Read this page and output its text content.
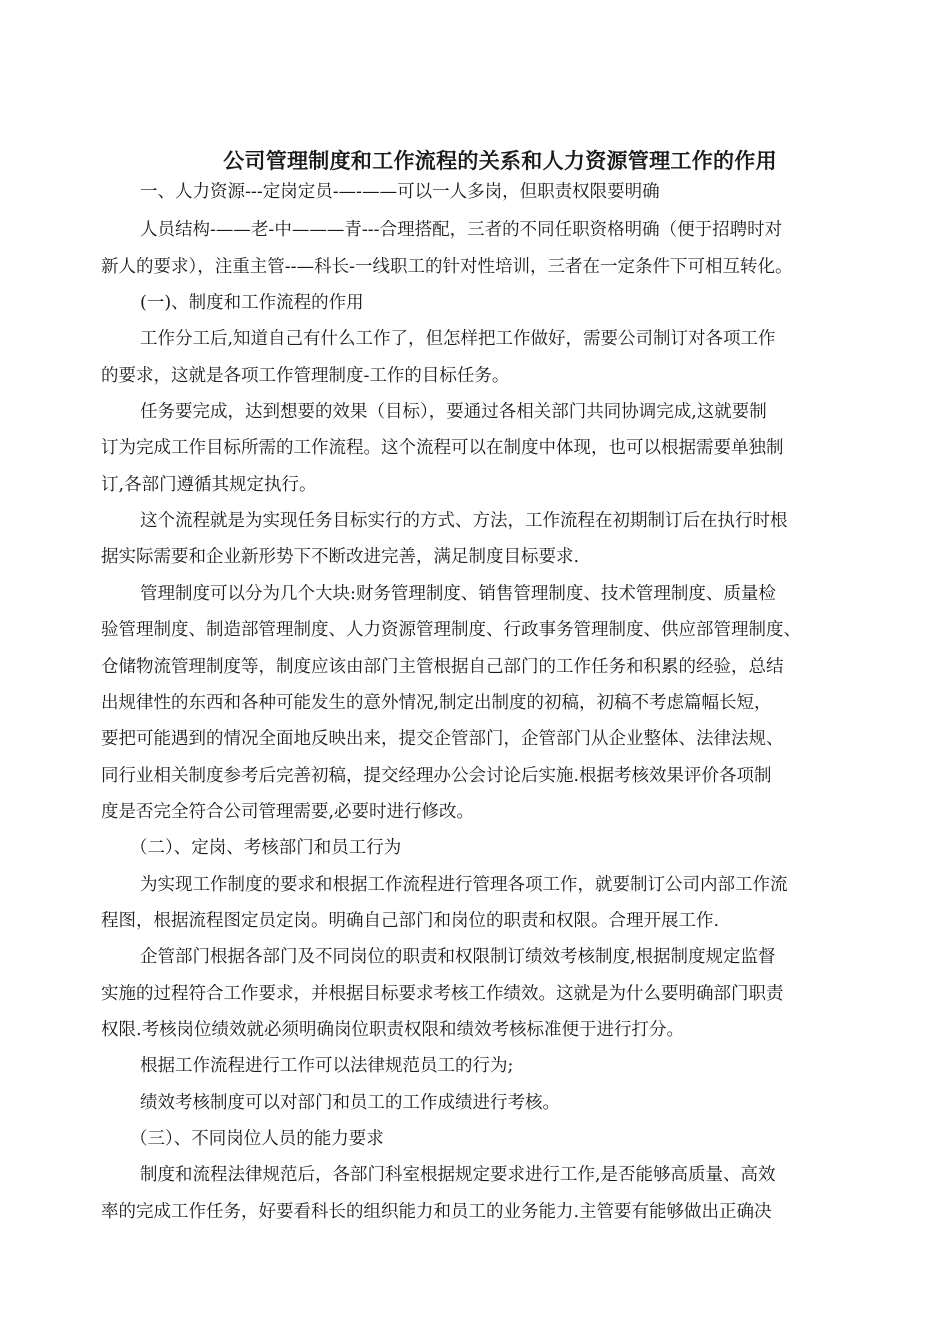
公司管理制度和工作流程的关系和人力资源管理工作的作用
一、人力资源---定岗定员-—-——可以一人多岗，但职责权限要明确
人员结构-——老-中———青---合理搭配，三者的不同任职资格明确（便于招聘时对
新人的要求），注重主管--—科长-一线职工的针对性培训，三者在一定条件下可相互转化。
(一)、制度和工作流程的作用
工作分工后,知道自己有什么工作了，但怎样把工作做好，需要公司制订对各项工作
的要求，这就是各项工作管理制度-工作的目标任务。
任务要完成，达到想要的效果（目标），要通过各相关部门共同协调完成,这就要制
订为完成工作目标所需的工作流程。这个流程可以在制度中体现，也可以根据需要单独制
订,各部门遵循其规定执行。
这个流程就是为实现任务目标实行的方式、方法，工作流程在初期制订后在执行时根
据实际需要和企业新形势下不断改进完善，满足制度目标要求.
管理制度可以分为几个大块:财务管理制度、销售管理制度、技术管理制度、质量检
验管理制度、制造部管理制度、人力资源管理制度、行政事务管理制度、供应部管理制度、
仓储物流管理制度等，制度应该由部门主管根据自己部门的工作任务和积累的经验，总结
出规律性的东西和各种可能发生的意外情况,制定出制度的初稿，初稿不考虑篇幅长短，
要把可能遇到的情况全面地反映出来，提交企管部门，企管部门从企业整体、法律法规、
同行业相关制度参考后完善初稿，提交经理办公会讨论后实施.根据考核效果评价各项制
度是否完全符合公司管理需要,必要时进行修改。
（二）、定岗、考核部门和员工行为
为实现工作制度的要求和根据工作流程进行管理各项工作，就要制订公司内部工作流
程图，根据流程图定员定岗。明确自己部门和岗位的职责和权限。合理开展工作.
企管部门根据各部门及不同岗位的职责和权限制订绩效考核制度,根据制度规定监督
实施的过程符合工作要求，并根据目标要求考核工作绩效。这就是为什么要明确部门职责
权限.考核岗位绩效就必须明确岗位职责权限和绩效考核标准便于进行打分。
根据工作流程进行工作可以法律规范员工的行为;
绩效考核制度可以对部门和员工的工作成绩进行考核。
（三）、不同岗位人员的能力要求
制度和流程法律规范后，各部门科室根据规定要求进行工作,是否能够高质量、高效
率的完成工作任务，好要看科长的组织能力和员工的业务能力.主管要有能够做出正确决
